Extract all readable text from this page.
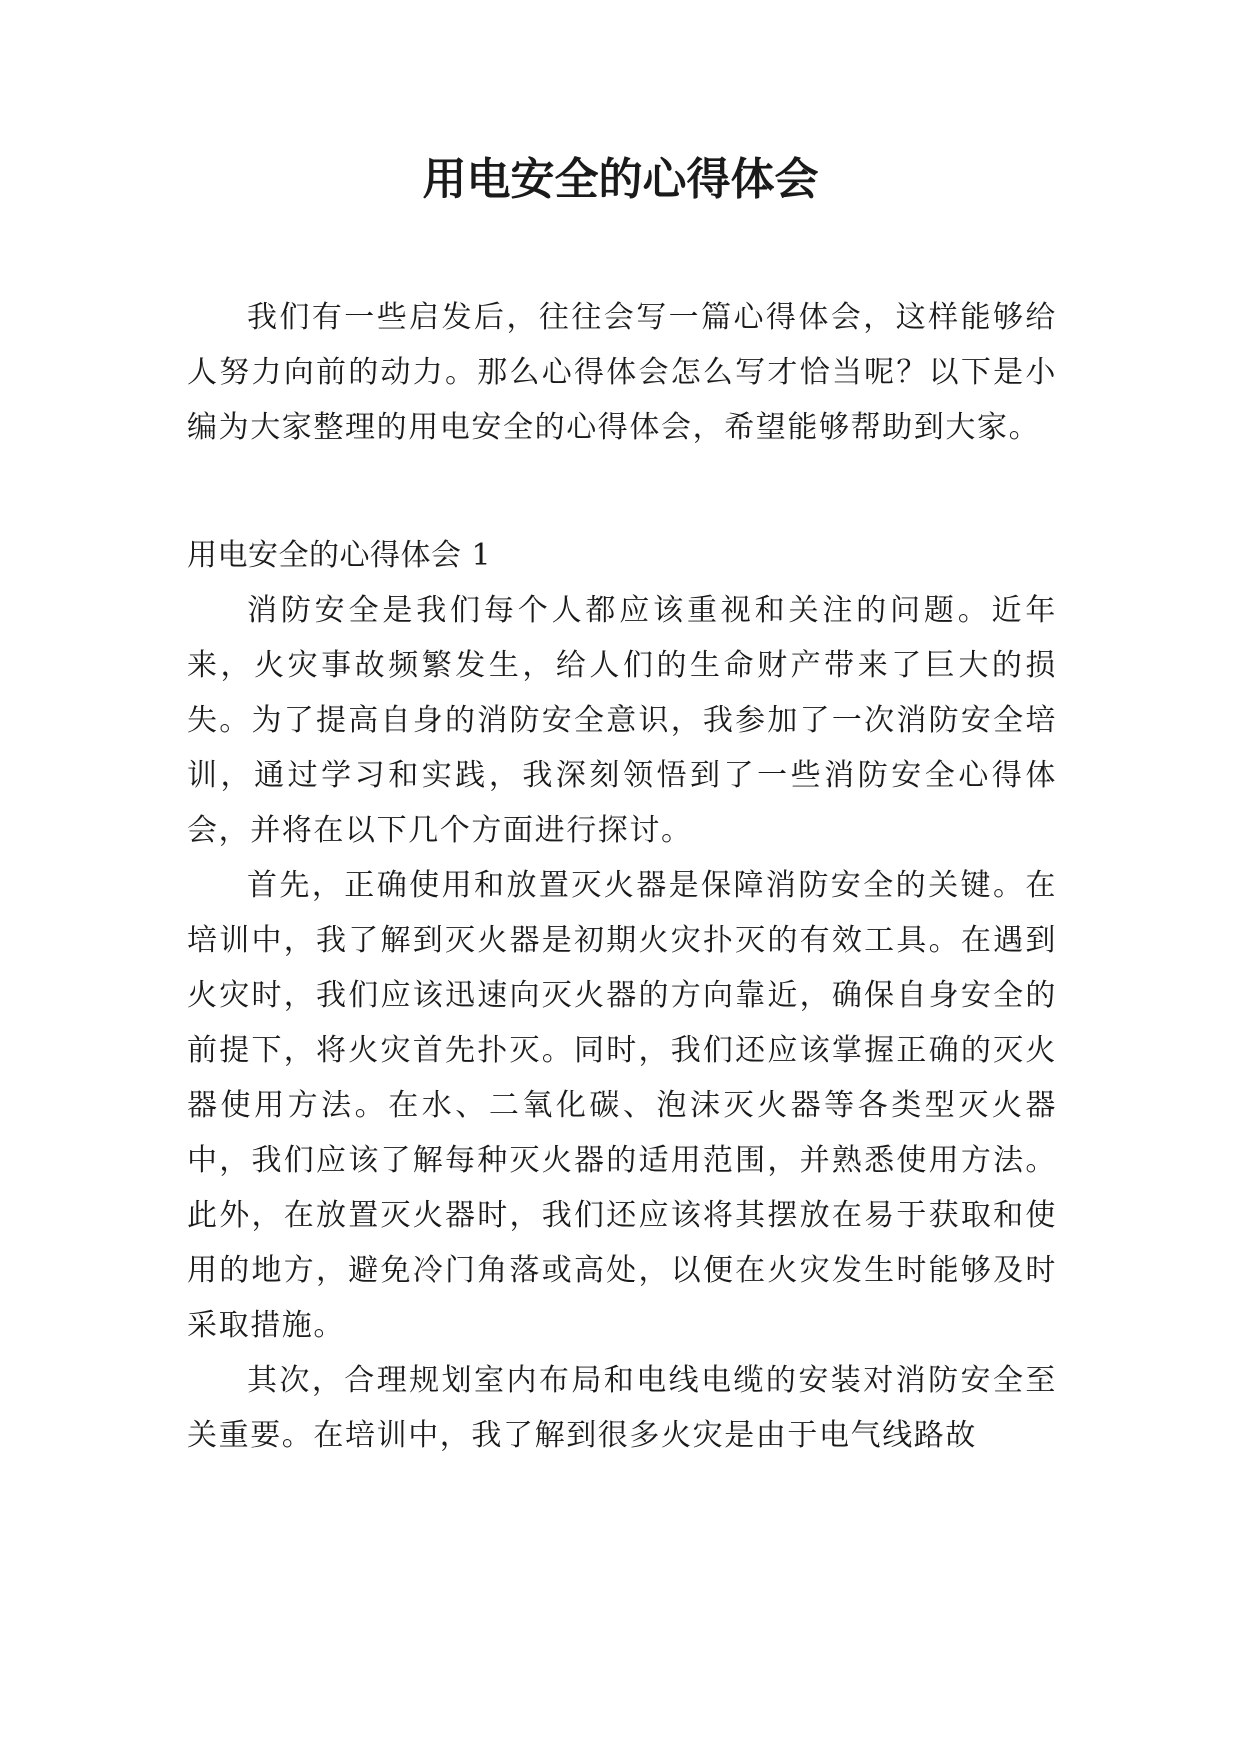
用电安全的心得体会

我们有一些启发后，往往会写一篇心得体会，这样能够给人努力向前的动力。那么心得体会怎么写才恰当呢？以下是小编为大家整理的用电安全的心得体会，希望能够帮助到大家。

用电安全的心得体会 1

消防安全是我们每个人都应该重视和关注的问题。近年来，火灾事故频繁发生，给人们的生命财产带来了巨大的损失。为了提高自身的消防安全意识，我参加了一次消防安全培训，通过学习和实践，我深刻领悟到了一些消防安全心得体会，并将在以下几个方面进行探讨。

首先，正确使用和放置灭火器是保障消防安全的关键。在培训中，我了解到灭火器是初期火灾扑灭的有效工具。在遇到火灾时，我们应该迅速向灭火器的方向靠近，确保自身安全的前提下，将火灾首先扑灭。同时，我们还应该掌握正确的灭火器使用方法。在水、二氧化碳、泡沫灭火器等各类型灭火器中，我们应该了解每种灭火器的适用范围，并熟悉使用方法。此外，在放置灭火器时，我们还应该将其摆放在易于获取和使用的地方，避免冷门角落或高处，以便在火灾发生时能够及时采取措施。

其次，合理规划室内布局和电线电缆的安装对消防安全至关重要。在培训中，我了解到很多火灾是由于电气线路故
